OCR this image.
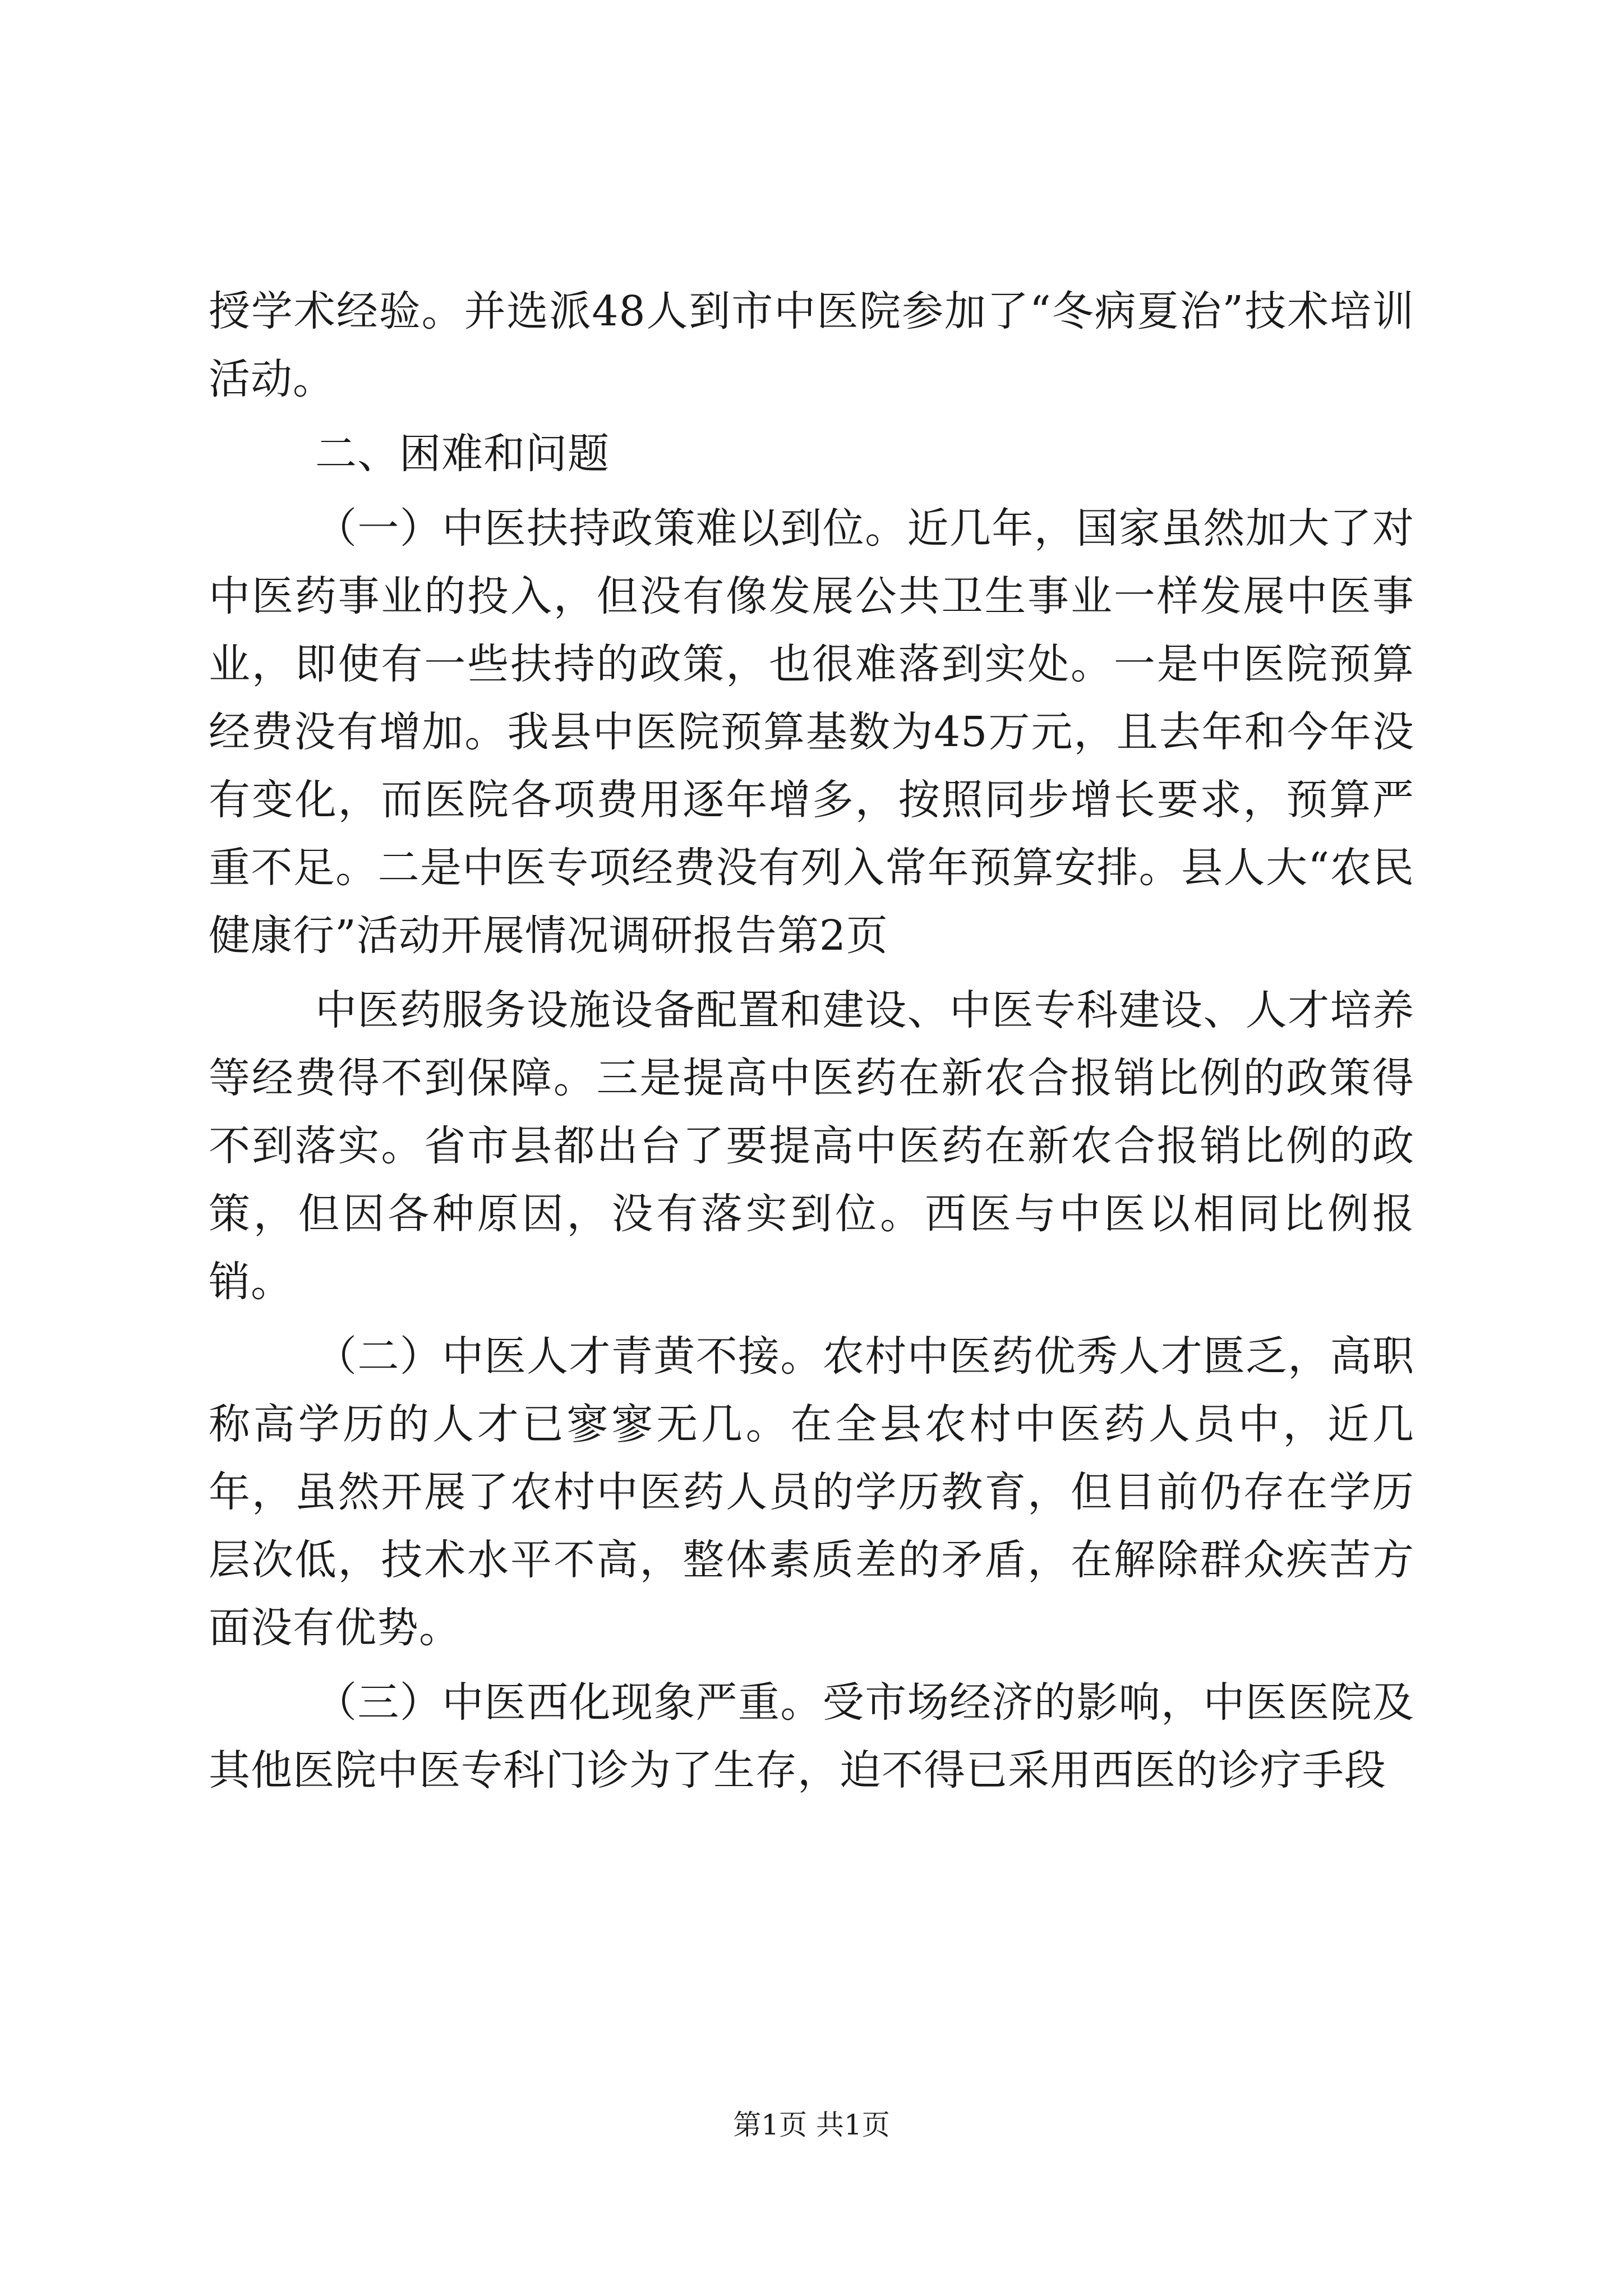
授学术经验。并选派48人到市中医院参加了“冬病夏治”技术培训活动。

二、困难和问题

（一）中医扶持政策难以到位。近几年，国家虽然加大了对中医药事业的投入，但没有像发展公共卫生事业一样发展中医事业，即使有一些扶持的政策，也很难落到实处。一是中医院预算经费没有增加。我县中医院预算基数为45万元，且去年和今年没有变化，而医院各项费用逐年增多，按照同步增长要求，预算严重不足。二是中医专项经费没有列入常年预算安排。县人大“农民健康行”活动开展情况调研报告第2页

中医药服务设施设备配置和建设、中医专科建设、人才培养等经费得不到保障。三是提高中医药在新农合报销比例的政策得不到落实。省市县都出台了要提高中医药在新农合报销比例的政策，但因各种原因，没有落实到位。西医与中医以相同比例报销。

（二）中医人才青黄不接。农村中医药优秀人才匮乏，高职称高学历的人才已寥寥无几。在全县农村中医药人员中，近几年，虽然开展了农村中医药人员的学历教育，但目前仍存在学历层次低，技术水平不高，整体素质差的矛盾，在解除群众疾苦方面没有优势。

（三）中医西化现象严重。受市场经济的影响，中医医院及其他医院中医专科门诊为了生存，迫不得已采用西医的诊疗手段

第1页 共1页
